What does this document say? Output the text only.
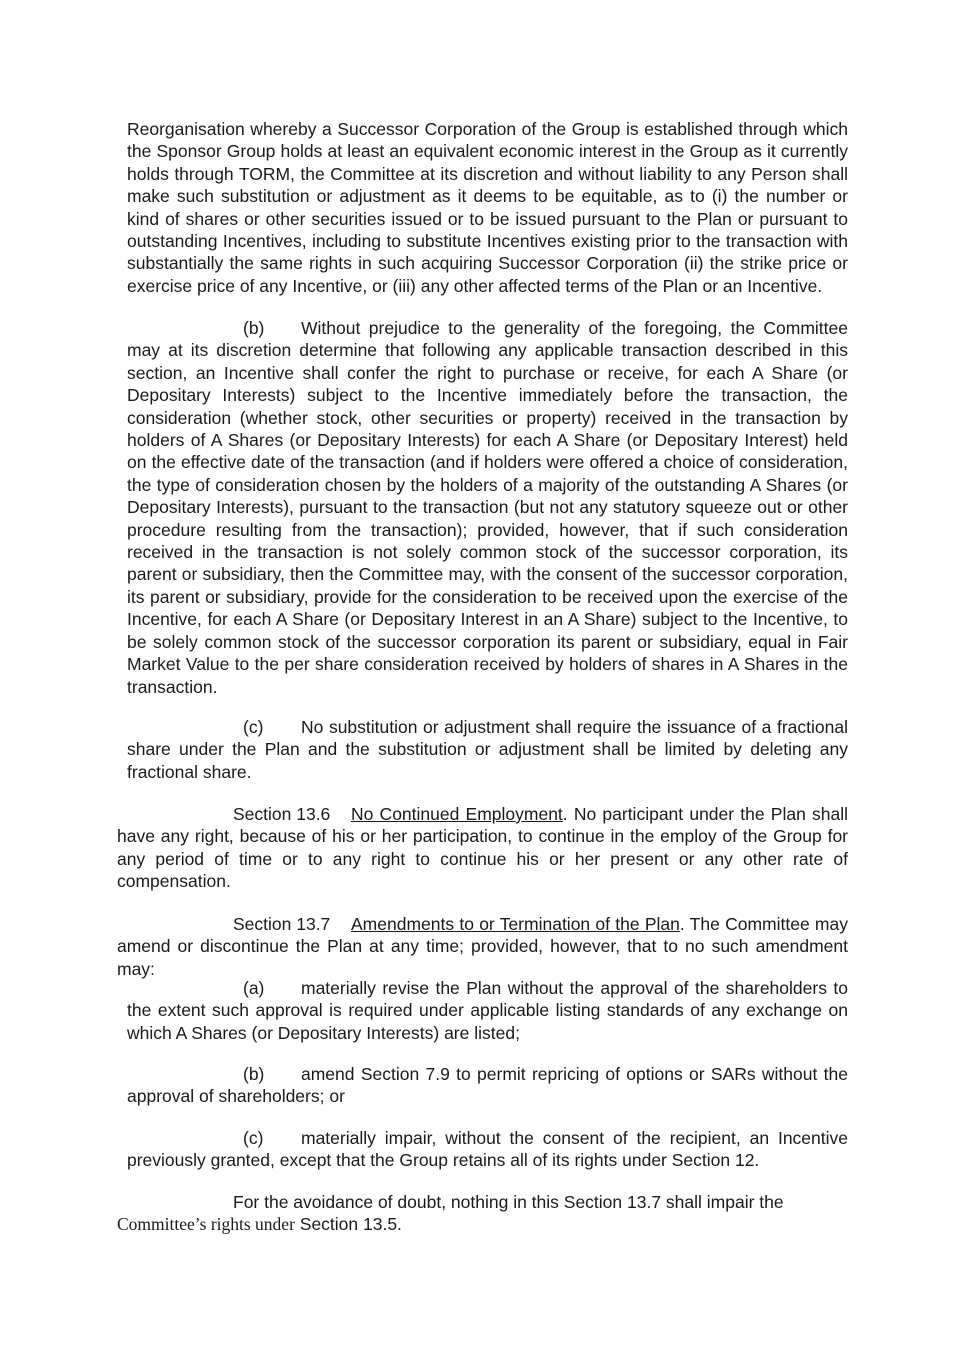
Reorganisation whereby a Successor Corporation of the Group is established through which the Sponsor Group holds at least an equivalent economic interest in the Group as it currently holds through TORM, the Committee at its discretion and without liability to any Person shall make such substitution or adjustment as it deems to be equitable, as to (i) the number or kind of shares or other securities issued or to be issued pursuant to the Plan or pursuant to outstanding Incentives, including to substitute Incentives existing prior to the transaction with substantially the same rights in such acquiring Successor Corporation (ii) the strike price or exercise price of any Incentive, or (iii) any other affected terms of the Plan or an Incentive.

(b) Without prejudice to the generality of the foregoing, the Committee may at its discretion determine that following any applicable transaction described in this section, an Incentive shall confer the right to purchase or receive, for each A Share (or Depositary Interests) subject to the Incentive immediately before the transaction, the consideration (whether stock, other securities or property) received in the transaction by holders of A Shares (or Depositary Interests) for each A Share (or Depositary Interest) held on the effective date of the transaction (and if holders were offered a choice of consideration, the type of consideration chosen by the holders of a majority of the outstanding A Shares (or Depositary Interests), pursuant to the transaction (but not any statutory squeeze out or other procedure resulting from the transaction); provided, however, that if such consideration received in the transaction is not solely common stock of the successor corporation, its parent or subsidiary, then the Committee may, with the consent of the successor corporation, its parent or subsidiary, provide for the consideration to be received upon the exercise of the Incentive, for each A Share (or Depositary Interest in an A Share) subject to the Incentive, to be solely common stock of the successor corporation its parent or subsidiary, equal in Fair Market Value to the per share consideration received by holders of shares in A Shares in the transaction.

(c) No substitution or adjustment shall require the issuance of a fractional share under the Plan and the substitution or adjustment shall be limited by deleting any fractional share.

Section 13.6 No Continued Employment. No participant under the Plan shall have any right, because of his or her participation, to continue in the employ of the Group for any period of time or to any right to continue his or her present or any other rate of compensation.

Section 13.7 Amendments to or Termination of the Plan. The Committee may amend or discontinue the Plan at any time; provided, however, that to no such amendment may:

(a) materially revise the Plan without the approval of the shareholders to the extent such approval is required under applicable listing standards of any exchange on which A Shares (or Depositary Interests) are listed;

(b) amend Section 7.9 to permit repricing of options or SARs without the approval of shareholders; or

(c) materially impair, without the consent of the recipient, an Incentive previously granted, except that the Group retains all of its rights under Section 12.

For the avoidance of doubt, nothing in this Section 13.7 shall impair the
Committee’s rights under Section 13.5.
